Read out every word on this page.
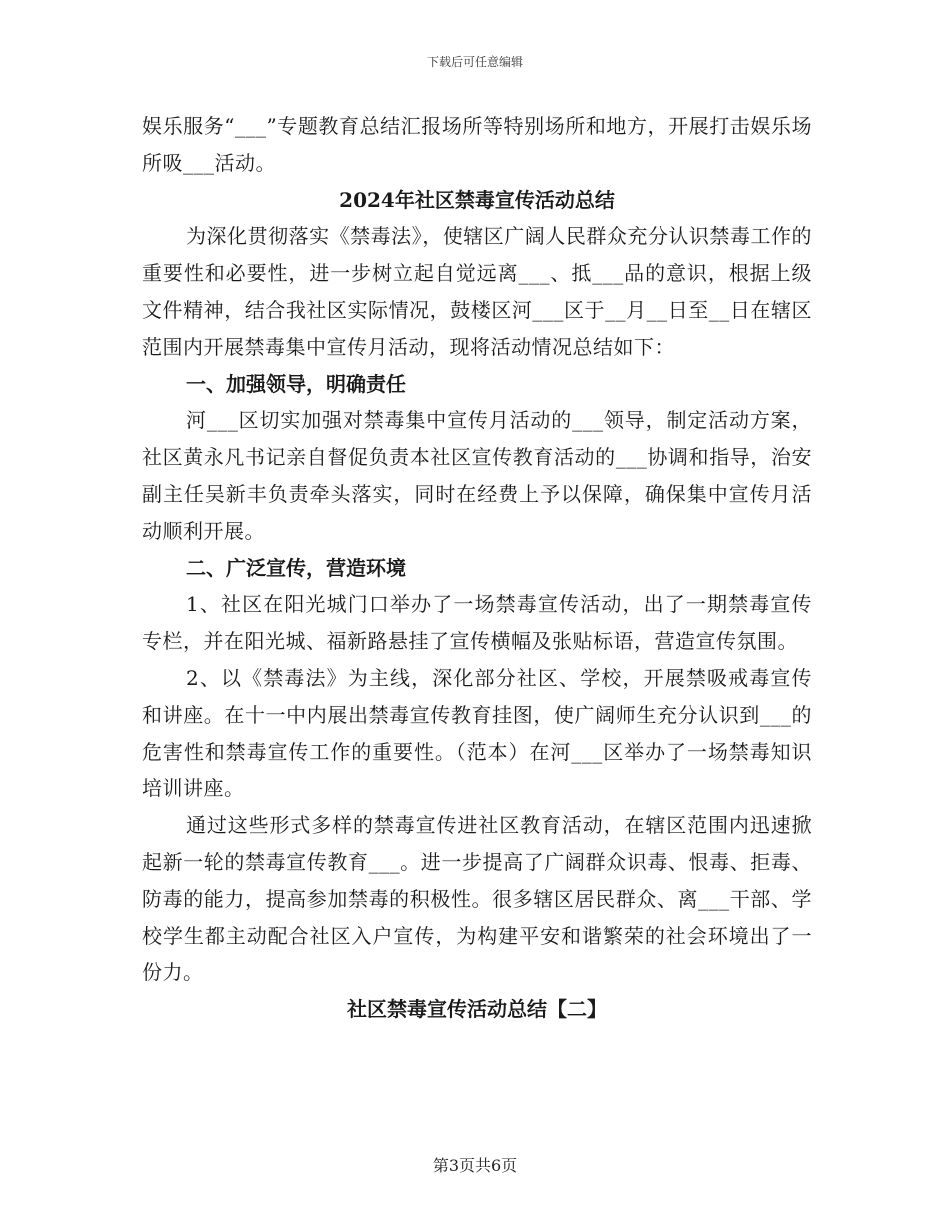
下载后可任意编辑

娱乐服务“___”专题教育总结汇报场所等特别场所和地方，开展打击娱乐场所吸___活动。

2024年社区禁毒宣传活动总结

为深化贯彻落实《禁毒法》，使辖区广阔人民群众充分认识禁毒工作的重要性和必要性，进一步树立起自觉远离___、抵___品的意识，根据上级文件精神，结合我社区实际情况，鼓楼区河___区于__月__日至__日在辖区范围内开展禁毒集中宣传月活动，现将活动情况总结如下：

一、加强领导，明确责任

河___区切实加强对禁毒集中宣传月活动的___领导，制定活动方案，社区黄永凡书记亲自督促负责本社区宣传教育活动的___协调和指导，治安副主任吴新丰负责牵头落实，同时在经费上予以保障，确保集中宣传月活动顺利开展。

二、广泛宣传，营造环境

1、社区在阳光城门口举办了一场禁毒宣传活动，出了一期禁毒宣传专栏，并在阳光城、福新路悬挂了宣传横幅及张贴标语，营造宣传氛围。

2、以《禁毒法》为主线，深化部分社区、学校，开展禁吸戒毒宣传和讲座。在十一中内展出禁毒宣传教育挂图，使广阔师生充分认识到___的危害性和禁毒宣传工作的重要性。（范本）在河___区举办了一场禁毒知识培训讲座。

通过这些形式多样的禁毒宣传进社区教育活动，在辖区范围内迅速掀起新一轮的禁毒宣传教育___。进一步提高了广阔群众识毒、恨毒、拒毒、防毒的能力，提高参加禁毒的积极性。很多辖区居民群众、离___干部、学校学生都主动配合社区入户宣传，为构建平安和谐繁荣的社会环境出了一份力。

社区禁毒宣传活动总结【二】

第3页共6页
